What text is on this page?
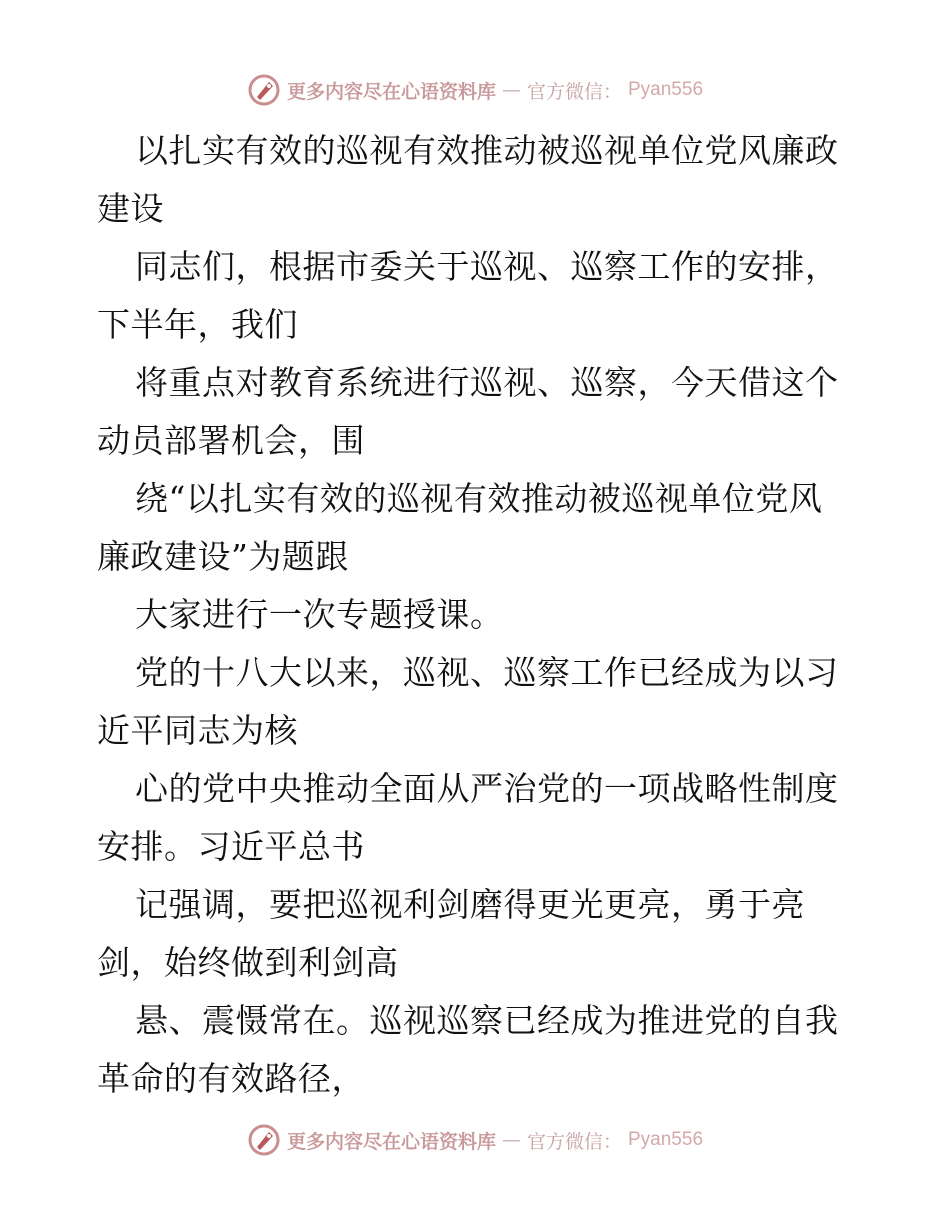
更多内容尽在心语资料库 — 官方微信： Pyan556

以扎实有效的巡视有效推动被巡视单位党风廉政
建设

同志们，根据市委关于巡视、巡察工作的安排，
下半年，我们

将重点对教育系统进行巡视、巡察，今天借这个
动员部署机会，围

绕“以扎实有效的巡视有效推动被巡视单位党风
廉政建设”为题跟

大家进行一次专题授课。

党的十八大以来，巡视、巡察工作已经成为以习
近平同志为核

心的党中央推动全面从严治党的一项战略性制度
安排。习近平总书

记强调，要把巡视利剑磨得更光更亮，勇于亮
剑，始终做到利剑高

悬、震慑常在。巡视巡察已经成为推进党的自我
革命的有效路径，

更多内容尽在心语资料库 — 官方微信： Pyan556
